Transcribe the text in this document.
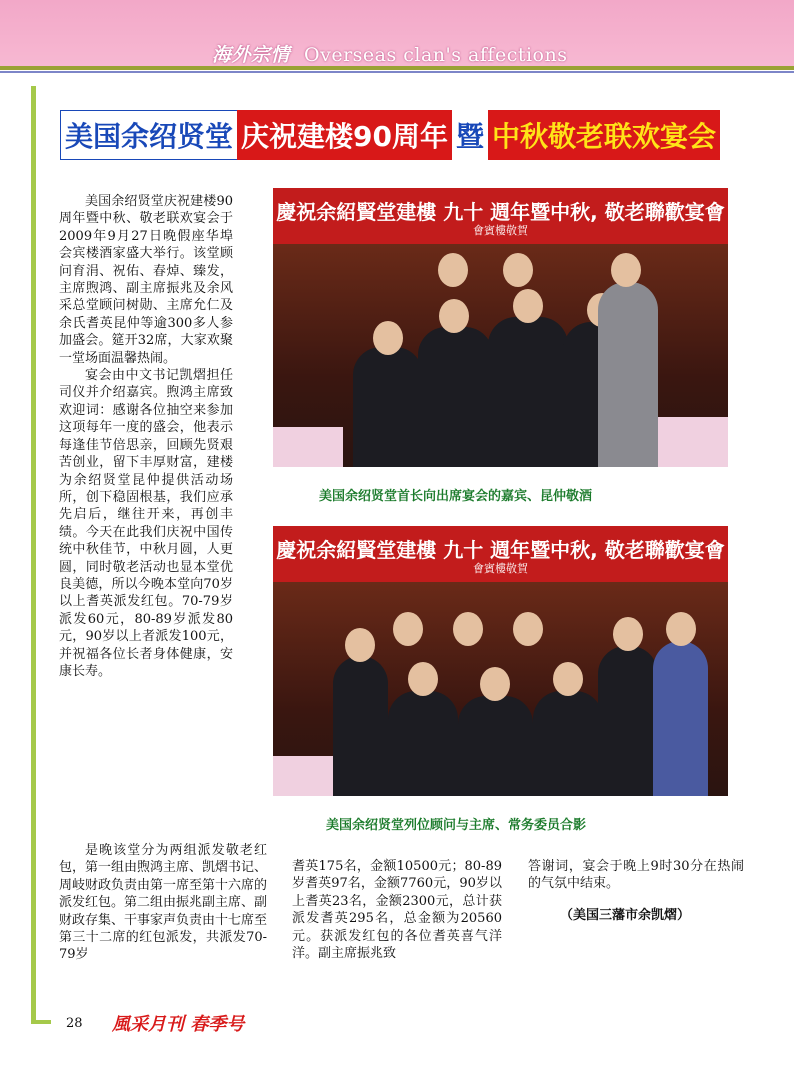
海外宗情 Overseas clan's affections
美国余绍贤堂 庆祝建楼90周年 暨 中秋敬老联欢宴会

美国余绍贤堂庆祝建楼90周年暨中秋、敬老联欢宴会于2009年9月27日晚假座华埠会宾楼酒家盛大举行。该堂顾问育涓、祝佑、春焯、臻发，主席煦鸿、副主席振兆及余风采总堂顾问树勋、主席允仁及余氏耆英昆仲等逾300多人参加盛会。筵开32席，大家欢聚一堂场面温馨热闹。

宴会由中文书记凯熠担任司仪并介绍嘉宾。煦鸿主席致欢迎词：感谢各位抽空来参加这项每年一度的盛会，他表示每逢佳节倍思亲，回顾先贤艰苦创业，留下丰厚财富，建楼为余绍贤堂昆仲提供活动场所，创下稳固根基，我们应承先启后，继往开来，再创丰绩。今天在此我们庆祝中国传统中秋佳节，中秋月圆，人更圆，同时敬老活动也显本堂优良美德，所以今晚本堂向70岁以上耆英派发红包。70-79岁派发60元，80-89岁派发80元，90岁以上者派发100元，并祝福各位长者身体健康，安康长寿。

慶祝余紹賢堂建樓 九十 週年暨中秋, 敬老聯歡宴會
會賓樓敬賀
美国余绍贤堂首长向出席宴会的嘉宾、昆仲敬酒
慶祝余紹賢堂建樓 九十 週年暨中秋, 敬老聯歡宴會
會賓樓敬賀
美国余绍贤堂列位顾问与主席、常务委员合影

是晚该堂分为两组派发敬老红包，第一组由煦鸿主席、凯熠书记、周岐财政负责由第一席至第十六席的派发红包。第二组由振兆副主席、副财政存集、干事家声负责由十七席至第三十二席的红包派发，共派发70-79岁

耆英175名，金额10500元；80-89岁耆英97名，金额7760元，90岁以上耆英23名，金额2300元，总计获派发耆英295名，总金额为20560元。获派发红包的各位耆英喜气洋洋。副主席振兆致

答谢词，宴会于晚上9时30分在热闹的气氛中结束。

（美国三藩市余凯熠）
28 風采月刊 春季号
